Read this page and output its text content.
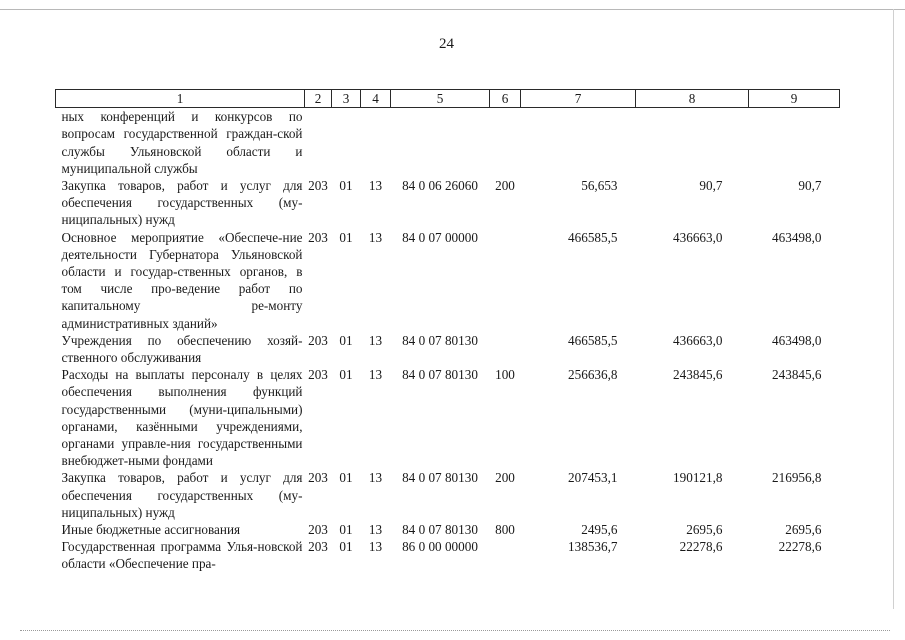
24
1	2	3	4	5	6	7	8	9
ных конференций и конкурсов по вопросам государственной граждан-ской службы Ульяновской области и муниципальной службы								
Закупка товаров, работ и услуг для обеспечения государственных (му-ниципальных) нужд	203	01	13	84 0 06 26060	200	56,653	90,7	90,7
Основное мероприятие «Обеспече-ние деятельности Губернатора Ульяновской области и государ-ственных органов, в том числе про-ведение работ по капитальному ре-монту административных зданий»	203	01	13	84 0 07 00000		466585,5	436663,0	463498,0
Учреждения по обеспечению хозяй-ственного обслуживания	203	01	13	84 0 07 80130		466585,5	436663,0	463498,0
Расходы на выплаты персоналу в целях обеспечения выполнения функций государственными (муни-ципальными) органами, казёнными учреждениями, органами управле-ния государственными внебюджет-ными фондами	203	01	13	84 0 07 80130	100	256636,8	243845,6	243845,6
Закупка товаров, работ и услуг для обеспечения государственных (му-ниципальных) нужд	203	01	13	84 0 07 80130	200	207453,1	190121,8	216956,8
Иные бюджетные ассигнования	203	01	13	84 0 07 80130	800	2495,6	2695,6	2695,6
Государственная программа Улья-новской области «Обеспечение пра-	203	01	13	86 0 00 00000		138536,7	22278,6	22278,6
